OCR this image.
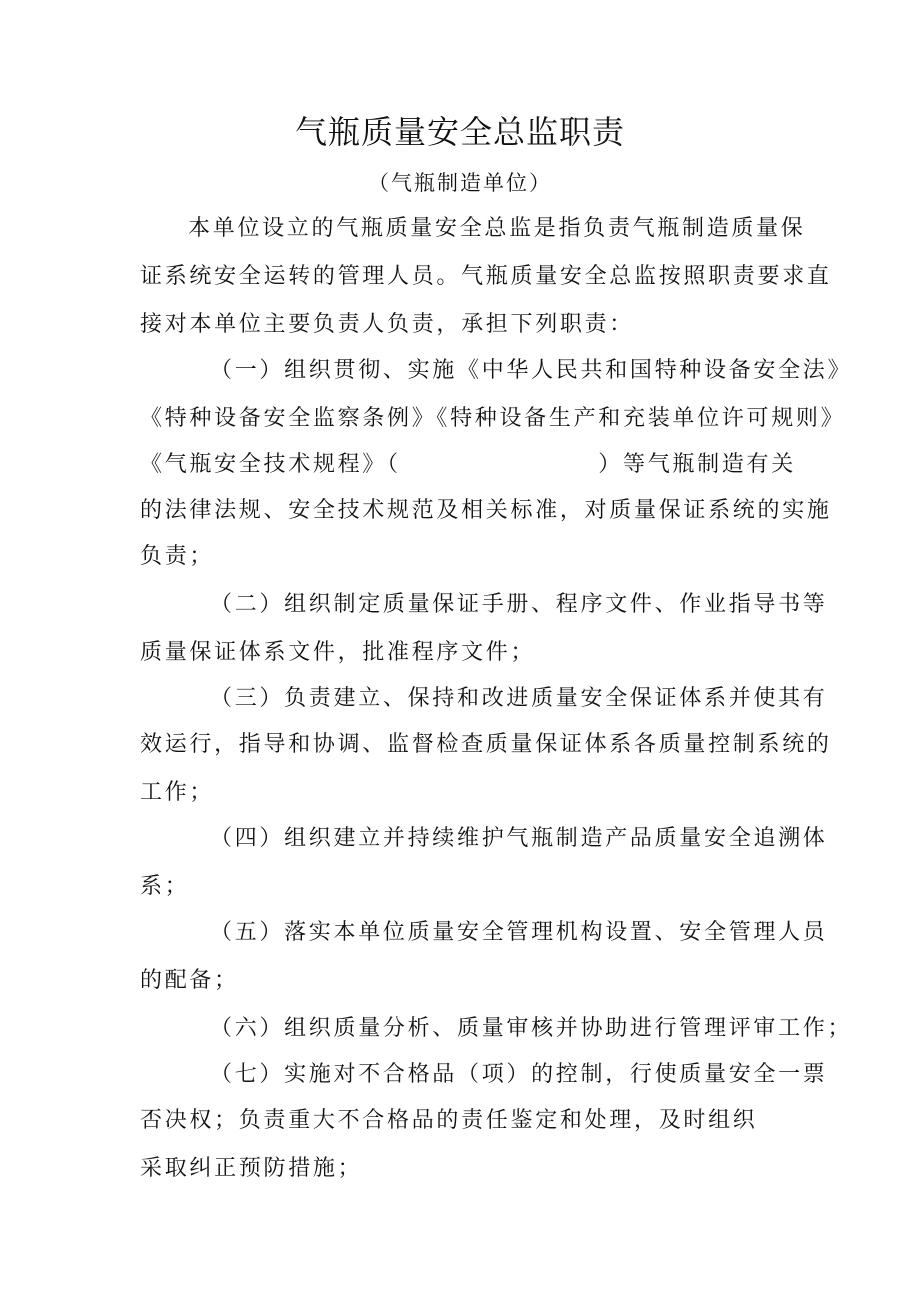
气瓶质量安全总监职责
（气瓶制造单位）
本单位设立的气瓶质量安全总监是指负责气瓶制造质量保
证系统安全运转的管理人员。气瓶质量安全总监按照职责要求直
接对本单位主要负责人负责，承担下列职责：
（一）组织贯彻、实施《中华人民共和国特种设备安全法》
《特种设备安全监察条例》《特种设备生产和充装单位许可规则》
《气瓶安全技术规程》（　　　　　　　　）等气瓶制造有关
的法律法规、安全技术规范及相关标准，对质量保证系统的实施
负责；
（二）组织制定质量保证手册、程序文件、作业指导书等
质量保证体系文件，批准程序文件；
（三）负责建立、保持和改进质量安全保证体系并使其有
效运行，指导和协调、监督检查质量保证体系各质量控制系统的
工作；
（四）组织建立并持续维护气瓶制造产品质量安全追溯体
系；
（五）落实本单位质量安全管理机构设置、安全管理人员
的配备；
（六）组织质量分析、质量审核并协助进行管理评审工作；
（七）实施对不合格品（项）的控制，行使质量安全一票
否决权；负责重大不合格品的责任鉴定和处理，及时组织
采取纠正预防措施；
